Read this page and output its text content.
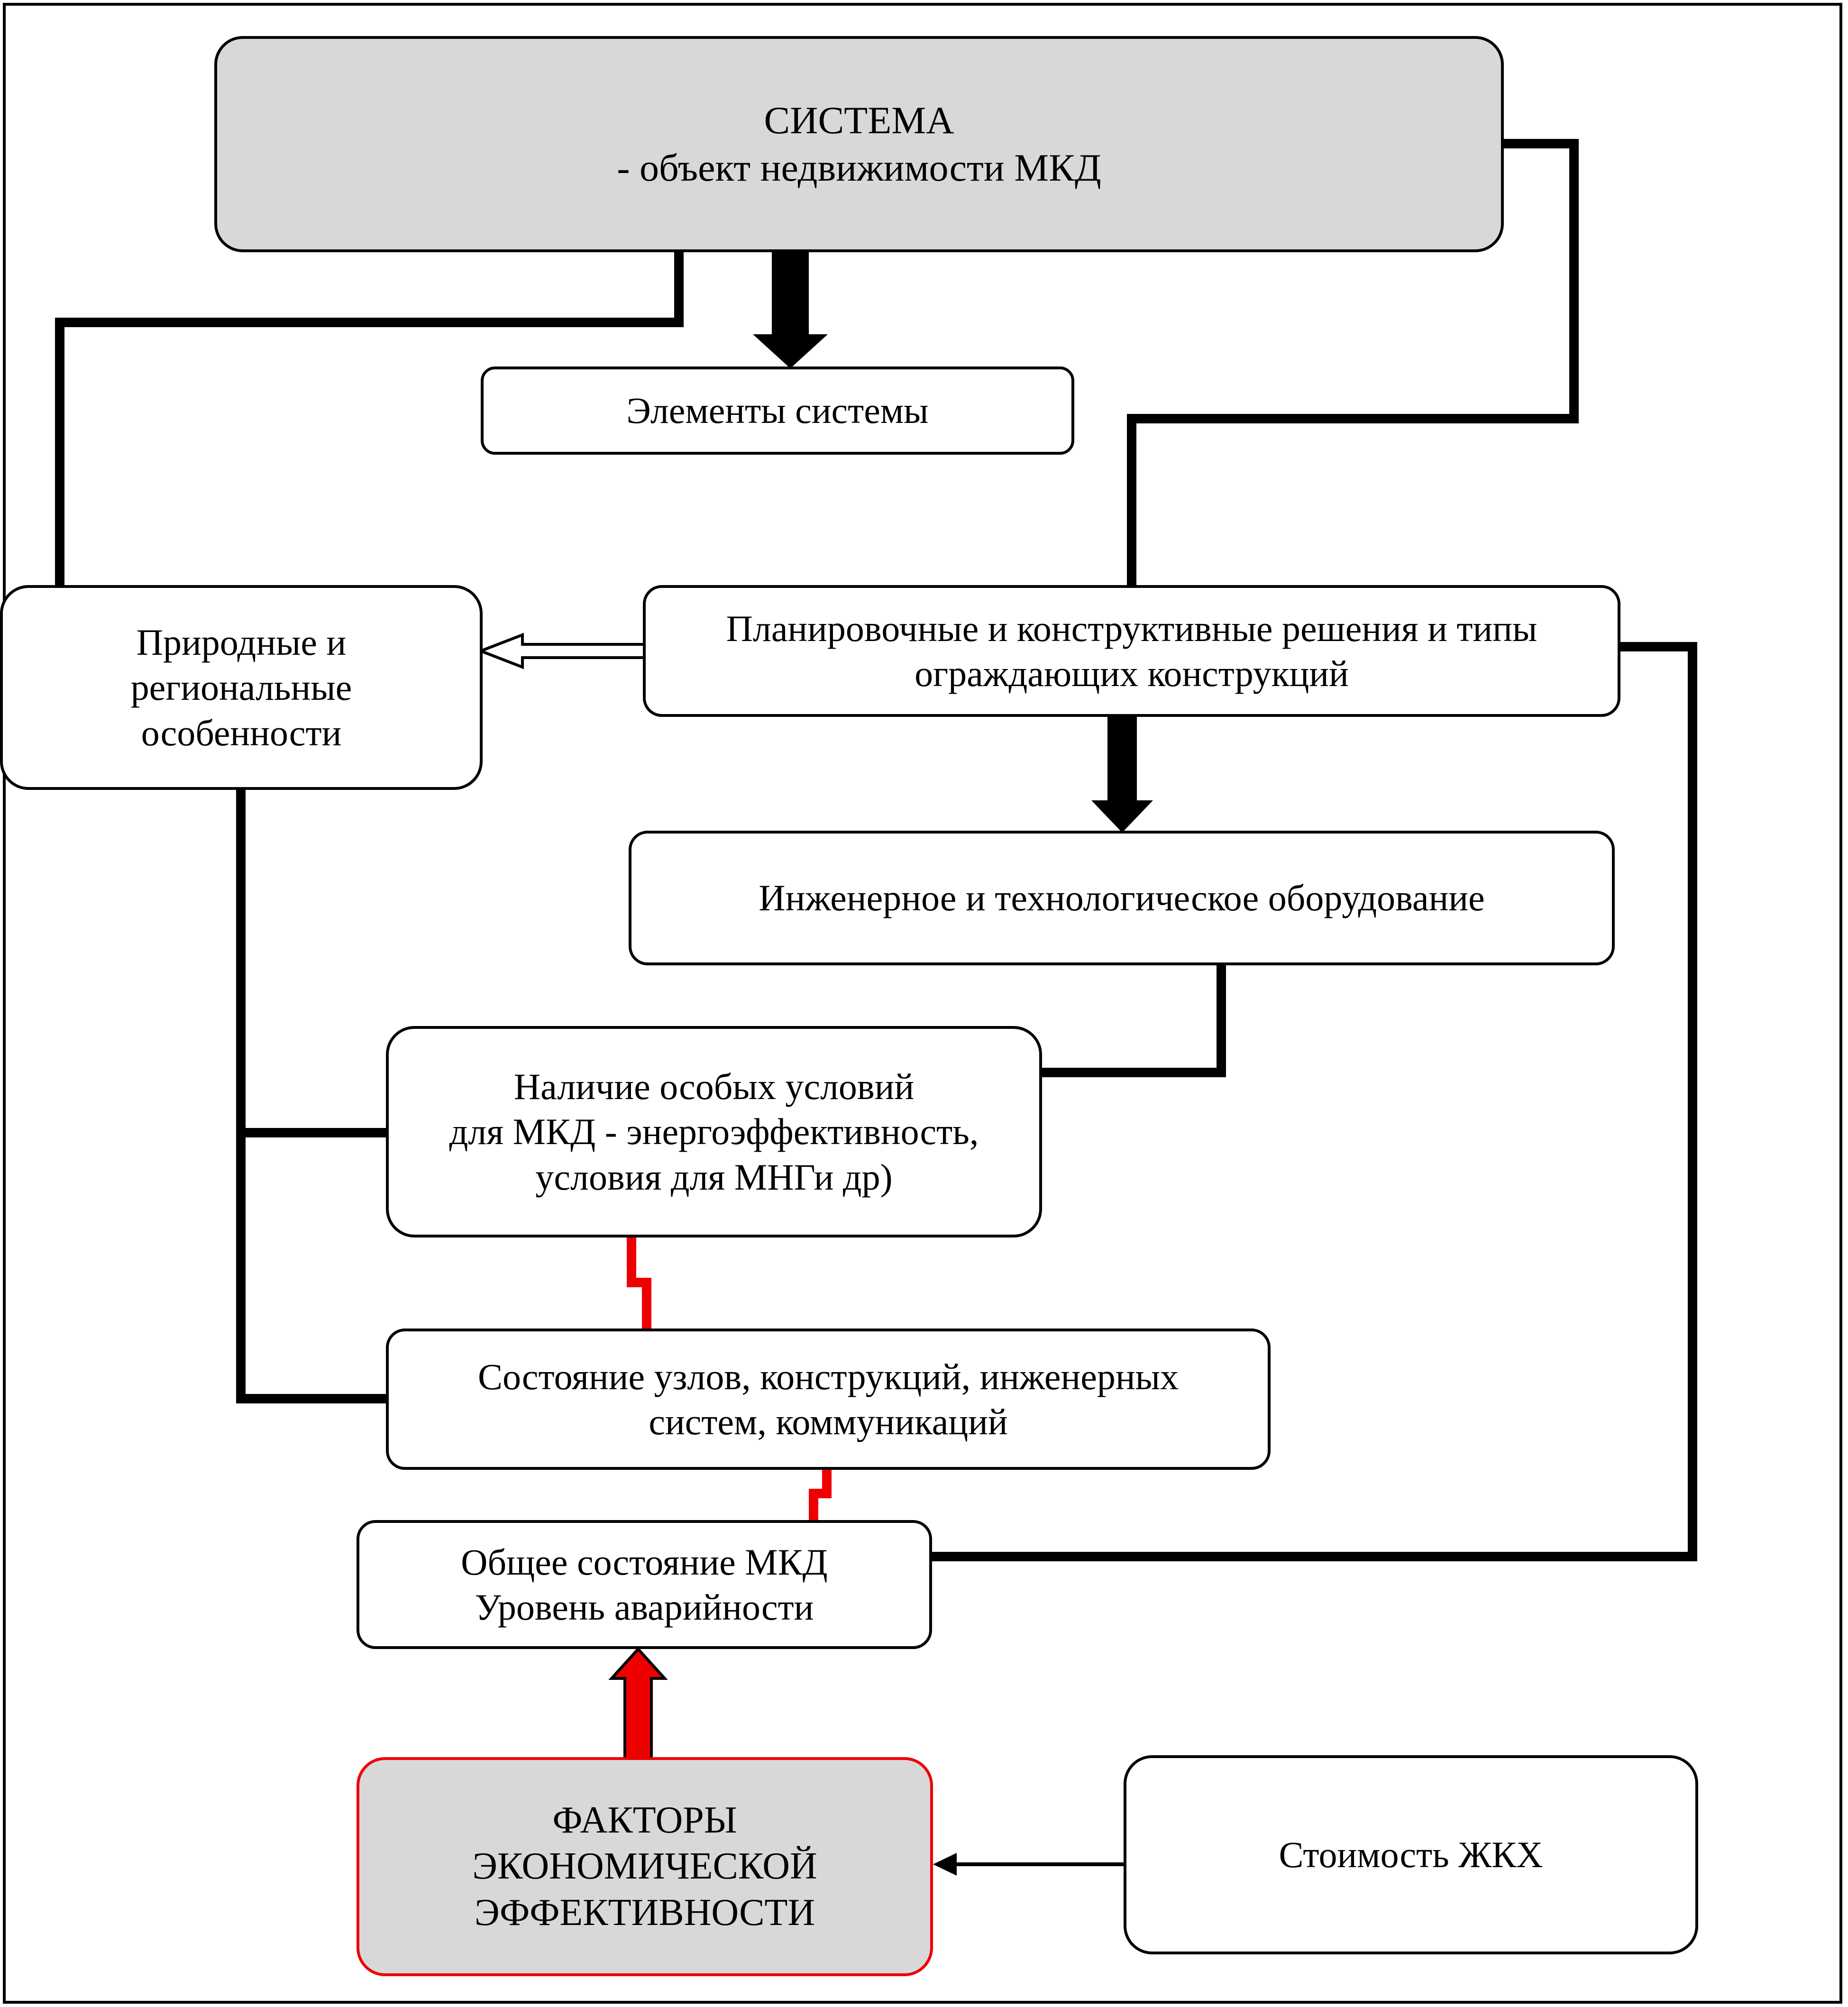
СИСТЕМА
- объект недвижимости МКД
Элементы системы
Природные и
региональные
особенности
Планировочные и конструктивные решения и типы
ограждающих конструкций
Инженерное и технологическое оборудование
Наличие особых условий
для МКД - энергоэффективность,
условия для МНГи др)
Состояние узлов, конструкций, инженерных
систем, коммуникаций
Общее состояние МКД
Уровень аварийности
ФАКТОРЫ
ЭКОНОМИЧЕСКОЙ
ЭФФЕКТИВНОСТИ
Стоимость ЖКХ
